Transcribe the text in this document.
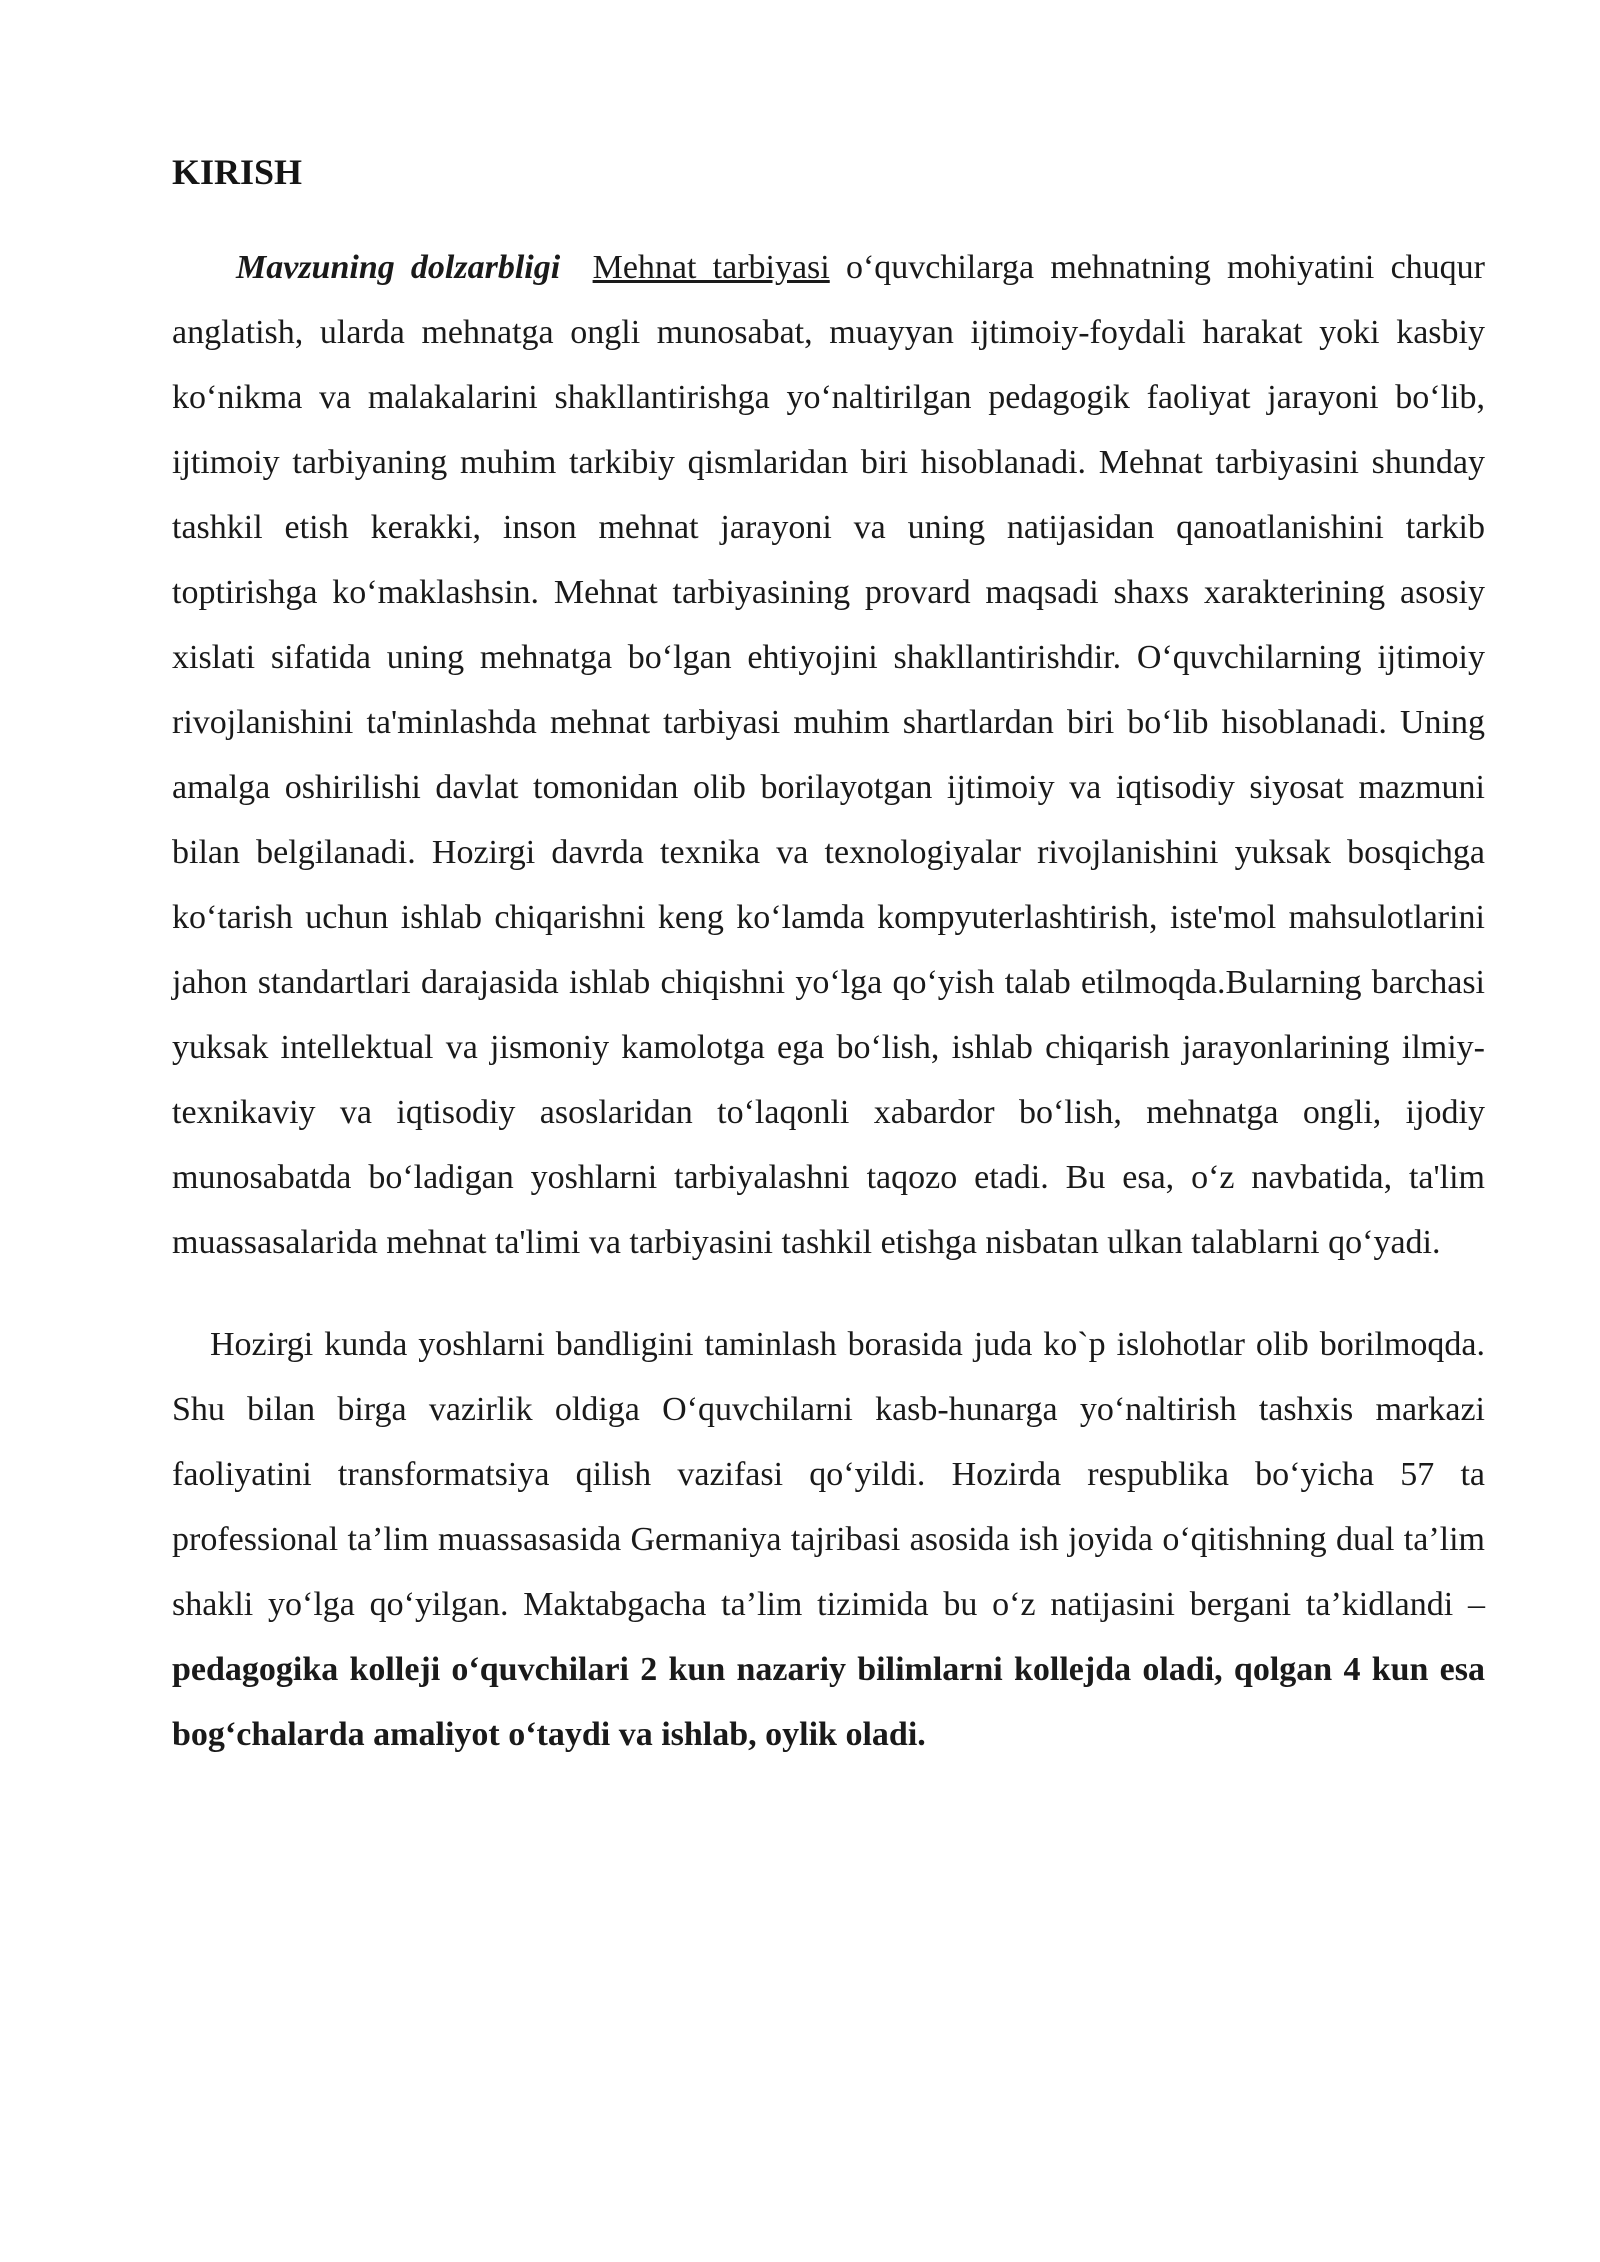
KIRISH

Mavzuning dolzarbligi Mehnat tarbiyasi o‘quvchilarga mehnatning mohiyatini chuqur anglatish, ularda mehnatga ongli munosabat, muayyan ijtimoiy-foydali harakat yoki kasbiy ko‘nikma va malakalarini shakllantirishga yo‘naltirilgan pedagogik faoliyat jarayoni bo‘lib, ijtimoiy tarbiyaning muhim tarkibiy qismlaridan biri hisoblanadi. Mehnat tarbiyasini shunday tashkil etish kerakki, inson mehnat jarayoni va uning natijasidan qanoatlanishini tarkib toptirishga ko‘maklashsin. Mehnat tarbiyasining provard maqsadi shaxs xarakterining asosiy xislati sifatida uning mehnatga bo‘lgan ehtiyojini shakllantirishdir. O‘quvchilarning ijtimoiy rivojlanishini ta'minlashda mehnat tarbiyasi muhim shartlardan biri bo‘lib hisoblanadi. Uning amalga oshirilishi davlat tomonidan olib borilayotgan ijtimoiy va iqtisodiy siyosat mazmuni bilan belgilanadi. Hozirgi davrda texnika va texnologiyalar rivojlanishini yuksak bosqichga ko‘tarish uchun ishlab chiqarishni keng ko‘lamda kompyuterlashtirish, iste'mol mahsulotlarini jahon standartlari darajasida ishlab chiqishni yo‘lga qo‘yish talab etilmoqda.Bularning barchasi yuksak intellektual va jismoniy kamolotga ega bo‘lish, ishlab chiqarish jarayonlarining ilmiy-texnikaviy va iqtisodiy asoslaridan to‘laqonli xabardor bo‘lish, mehnatga ongli, ijodiy munosabatda bo‘ladigan yoshlarni tarbiyalashni taqozo etadi. Bu esa, o‘z navbatida, ta'lim muassasalarida mehnat ta'limi va tarbiyasini tashkil etishga nisbatan ulkan talablarni qo‘yadi.

Hozirgi kunda yoshlarni bandligini taminlash borasida juda ko`p islohotlar olib borilmoqda. Shu bilan birga vazirlik oldiga O‘quvchilarni kasb-hunarga yo‘naltirish tashxis markazi faoliyatini transformatsiya qilish vazifasi qo‘yildi. Hozirda respublika bo‘yicha 57 ta professional ta’lim muassasasida Germaniya tajribasi asosida ish joyida o‘qitishning dual ta’lim shakli yo‘lga qo‘yilgan. Maktabgacha ta’lim tizimida bu o‘z natijasini bergani ta’kidlandi – pedagogika kolleji o‘quvchilari 2 kun nazariy bilimlarni kollejda oladi, qolgan 4 kun esa bog‘chalarda amaliyot o‘taydi va ishlab, oylik oladi.
